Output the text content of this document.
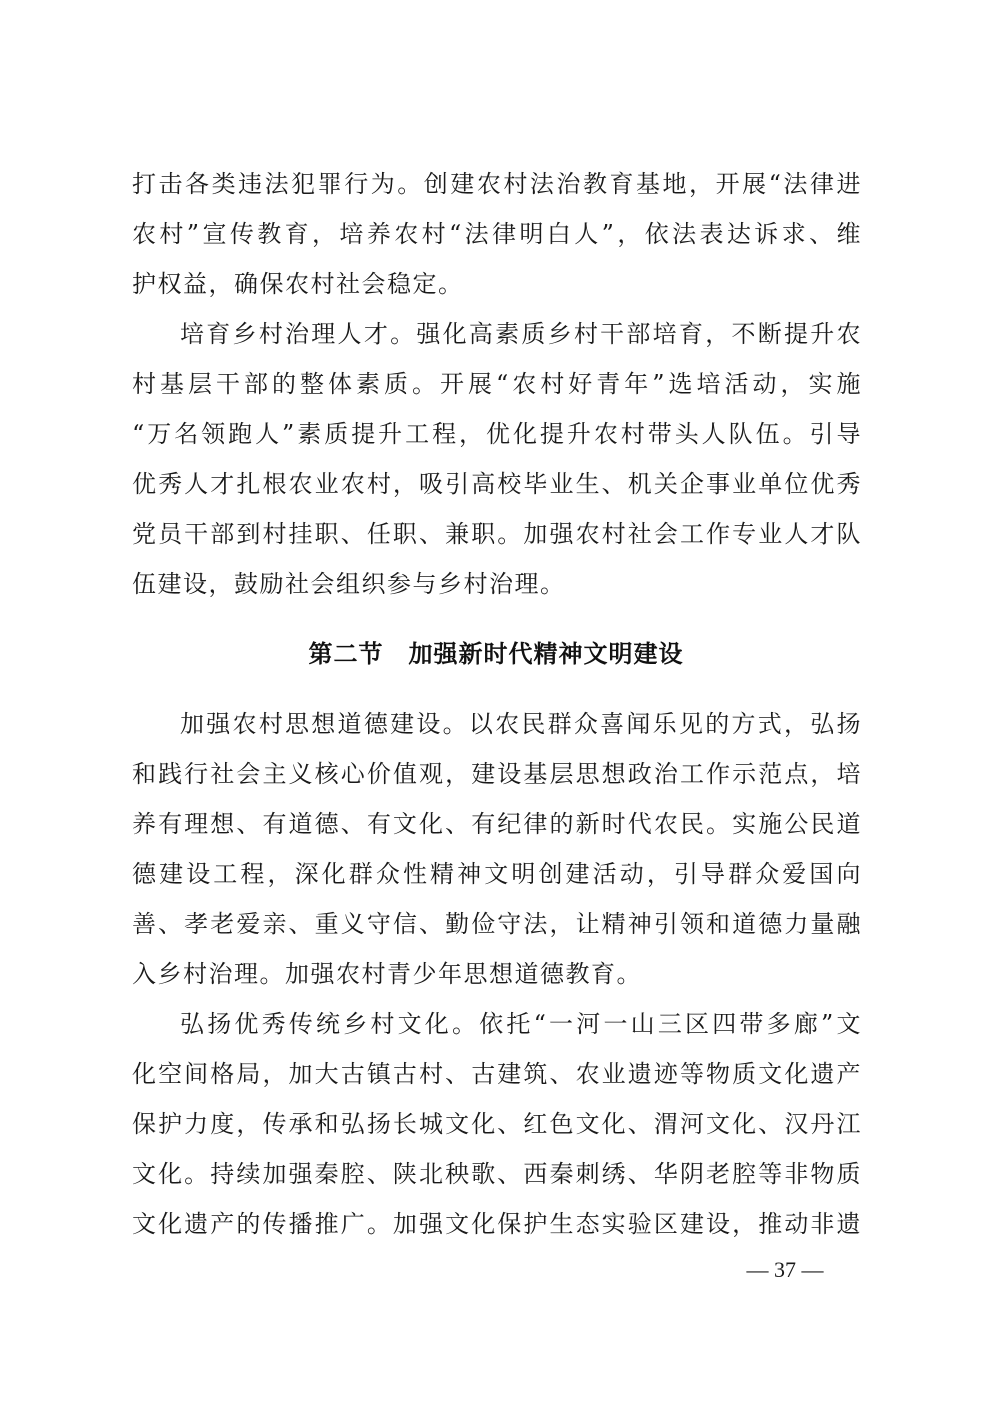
打击各类违法犯罪行为。创建农村法治教育基地，开展“法律进
农村”宣传教育，培养农村“法律明白人”，依法表达诉求、维
护权益，确保农村社会稳定。
培育乡村治理人才。强化高素质乡村干部培育，不断提升农
村基层干部的整体素质。开展“农村好青年”选培活动，实施
“万名领跑人”素质提升工程，优化提升农村带头人队伍。引导
优秀人才扎根农业农村，吸引高校毕业生、机关企事业单位优秀
党员干部到村挂职、任职、兼职。加强农村社会工作专业人才队
伍建设，鼓励社会组织参与乡村治理。
第二节　加强新时代精神文明建设
加强农村思想道德建设。以农民群众喜闻乐见的方式，弘扬
和践行社会主义核心价值观，建设基层思想政治工作示范点，培
养有理想、有道德、有文化、有纪律的新时代农民。实施公民道
德建设工程，深化群众性精神文明创建活动，引导群众爱国向
善、孝老爱亲、重义守信、勤俭守法，让精神引领和道德力量融
入乡村治理。加强农村青少年思想道德教育。
弘扬优秀传统乡村文化。依托“一河一山三区四带多廊”文
化空间格局，加大古镇古村、古建筑、农业遗迹等物质文化遗产
保护力度，传承和弘扬长城文化、红色文化、渭河文化、汉丹江
文化。持续加强秦腔、陕北秧歌、西秦刺绣、华阴老腔等非物质
文化遗产的传播推广。加强文化保护生态实验区建设，推动非遗
— 37 —
